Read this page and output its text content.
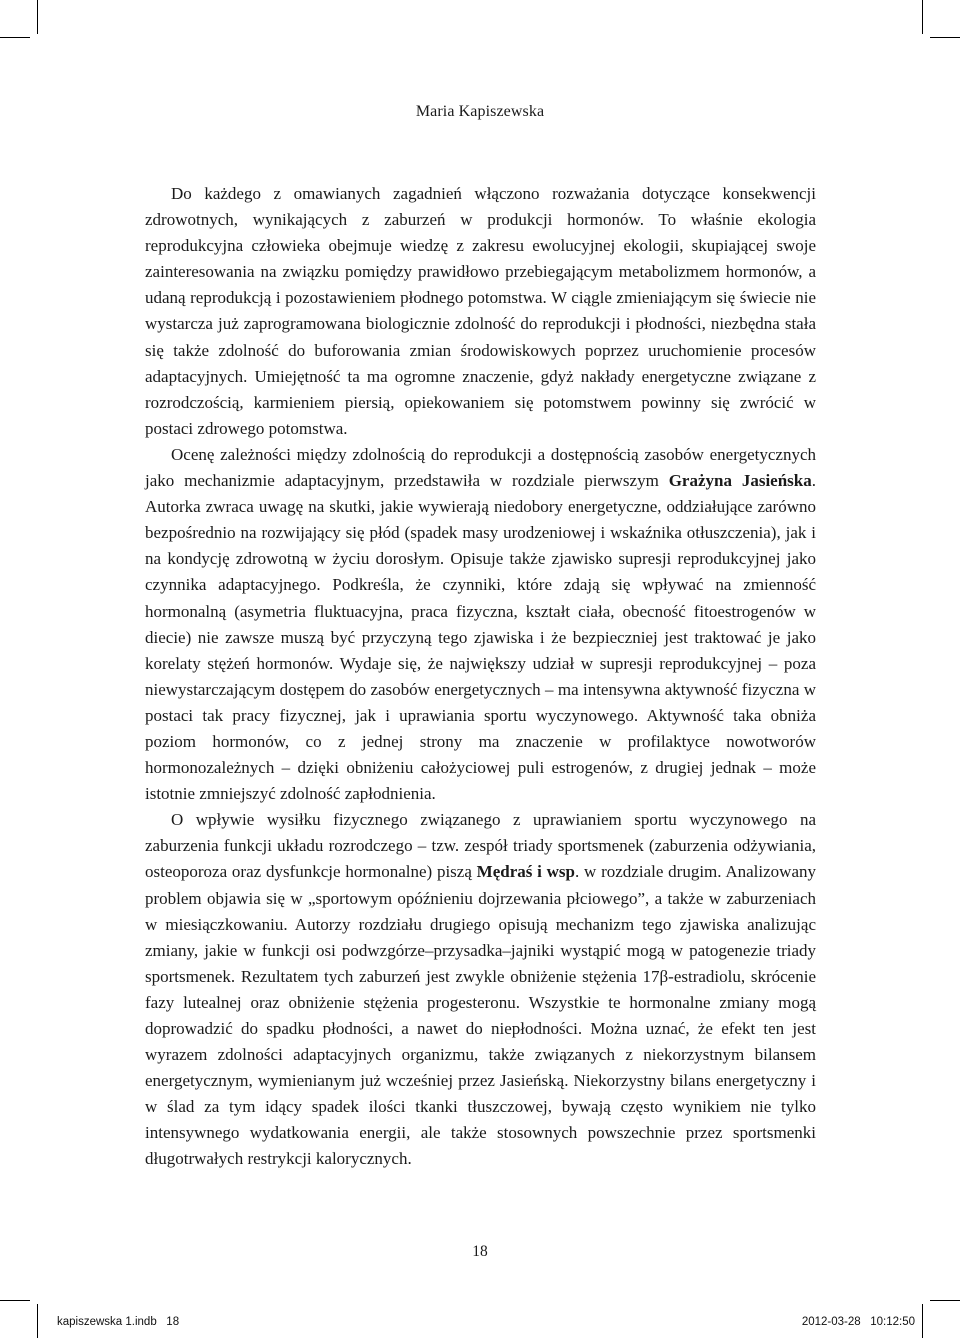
Maria Kapiszewska

Do każdego z omawianych zagadnień włączono rozważania dotyczące konsekwencji zdrowotnych, wynikających z zaburzeń w produkcji hormonów. To właśnie ekologia reprodukcyjna człowieka obejmuje wiedzę z zakresu ewolucyjnej ekologii, skupiającej swoje zainteresowania na związku pomiędzy prawidłowo przebiegającym metabolizmem hormonów, a udaną reprodukcją i pozostawieniem płodnego potomstwa. W ciągle zmieniającym się świecie nie wystarcza już zaprogramowana biologicznie zdolność do reprodukcji i płodności, niezbędna stała się także zdolność do buforowania zmian środowiskowych poprzez uruchomienie procesów adaptacyjnych. Umiejętność ta ma ogromne znaczenie, gdyż nakłady energetyczne związane z rozrodczością, karmieniem piersią, opiekowaniem się potomstwem powinny się zwrócić w postaci zdrowego potomstwa.

Ocenę zależności między zdolnością do reprodukcji a dostępnością zasobów energetycznych jako mechanizmie adaptacyjnym, przedstawiła w rozdziale pierwszym Grażyna Jasieńska. Autorka zwraca uwagę na skutki, jakie wywierają niedobory energetyczne, oddziałujące zarówno bezpośrednio na rozwijający się płód (spadek masy urodzeniowej i wskaźnika otłuszczenia), jak i na kondycję zdrowotną w życiu dorosłym. Opisuje także zjawisko supresji reprodukcyjnej jako czynnika adaptacyjnego. Podkreśla, że czynniki, które zdają się wpływać na zmienność hormonalną (asymetria fluktuacyjna, praca fizyczna, kształt ciała, obecność fitoestrogenów w diecie) nie zawsze muszą być przyczyną tego zjawiska i że bezpieczniej jest traktować je jako korelaty stężeń hormonów. Wydaje się, że największy udział w supresji reprodukcyjnej – poza niewystarczającym dostępem do zasobów energetycznych – ma intensywna aktywność fizyczna w postaci tak pracy fizycznej, jak i uprawiania sportu wyczynowego. Aktywność taka obniża poziom hormonów, co z jednej strony ma znaczenie w profilaktyce nowotworów hormonozależnych – dzięki obniżeniu całożyciowej puli estrogenów, z drugiej jednak – może istotnie zmniejszyć zdolność zapłodnienia.

O wpływie wysiłku fizycznego związanego z uprawianiem sportu wyczynowego na zaburzenia funkcji układu rozrodczego – tzw. zespół triady sportsmenek (zaburzenia odżywiania, osteoporoza oraz dysfunkcje hormonalne) piszą Mędraś i wsp. w rozdziale drugim. Analizowany problem objawia się w „sportowym opóźnieniu dojrzewania płciowego”, a także w zaburzeniach w miesiączkowaniu. Autorzy rozdziału drugiego opisują mechanizm tego zjawiska analizując zmiany, jakie w funkcji osi podwzgórze–przysadka–jajniki wystąpić mogą w patogenezie triady sportsmenek. Rezultatem tych zaburzeń jest zwykle obniżenie stężenia 17β-estradiolu, skrócenie fazy lutealnej oraz obniżenie stężenia progesteronu. Wszystkie te hormonalne zmiany mogą doprowadzić do spadku płodności, a nawet do niepłodności. Można uznać, że efekt ten jest wyrazem zdolności adaptacyjnych organizmu, także związanych z niekorzystnym bilansem energetycznym, wymienianym już wcześniej przez Jasieńską. Niekorzystny bilans energetyczny i w ślad za tym idący spadek ilości tkanki tłuszczowej, bywają często wynikiem nie tylko intensywnego wydatkowania energii, ale także stosownych powszechnie przez sportsmenki długotrwałych restrykcji kalorycznych.

18
kapiszewska 1.indb   18	2012-03-28   10:12:50
